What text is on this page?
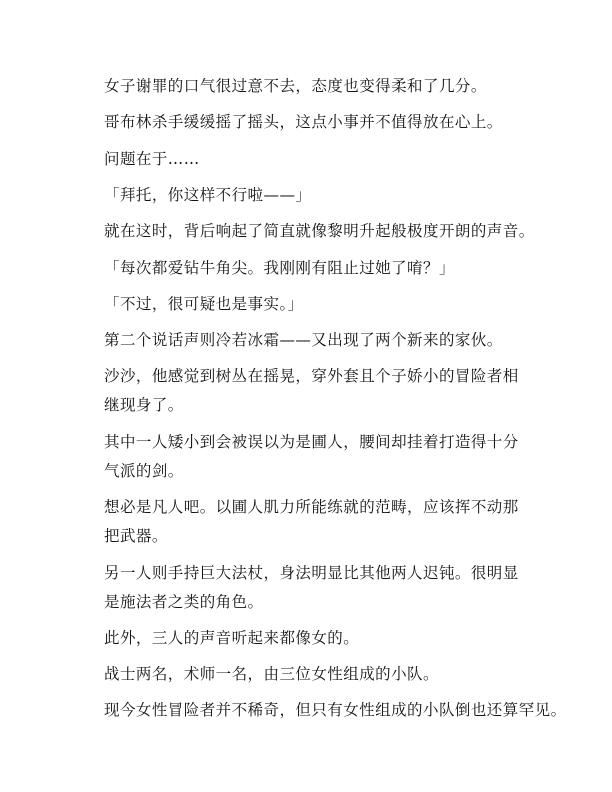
女子谢罪的口气很过意不去，态度也变得柔和了几分。

哥布林杀手缓缓摇了摇头，这点小事并不值得放在心上。

问题在于……

「拜托，你这样不行啦——」

就在这时，背后响起了简直就像黎明升起般极度开朗的声音。

「每次都爱钻牛角尖。我刚刚有阻止过她了唷？」

「不过，很可疑也是事实。」

第二个说话声则冷若冰霜——又出现了两个新来的家伙。

沙沙，他感觉到树丛在摇晃，穿外套且个子娇小的冒险者相继现身了。

其中一人矮小到会被误以为是圃人，腰间却挂着打造得十分气派的剑。

想必是凡人吧。以圃人肌力所能练就的范畴，应该挥不动那把武器。

另一人则手持巨大法杖，身法明显比其他两人迟钝。很明显是施法者之类的角色。

此外，三人的声音听起来都像女的。

战士两名，术师一名，由三位女性组成的小队。

现今女性冒险者并不稀奇，但只有女性组成的小队倒也还算罕见。
